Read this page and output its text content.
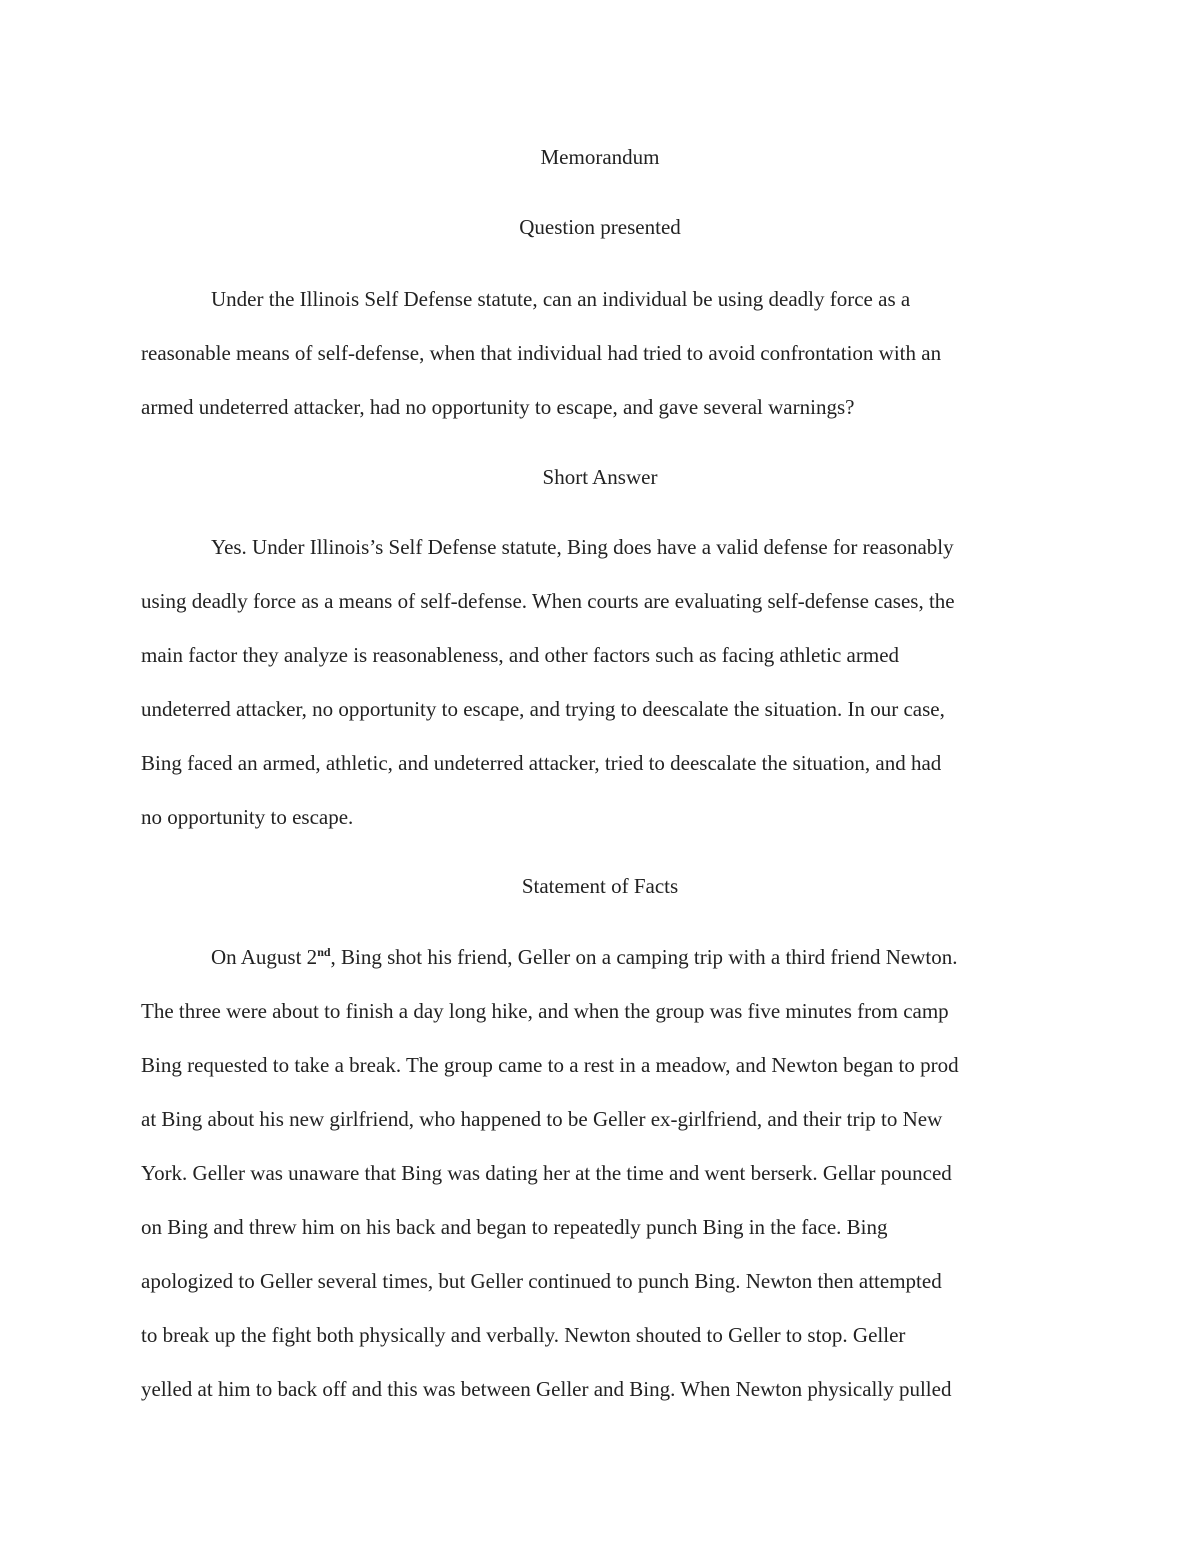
Memorandum
Question presented

Under the Illinois Self Defense statute, can an individual be using deadly force as a

reasonable means of self-defense, when that individual had tried to avoid confrontation with an

armed undeterred attacker, had no opportunity to escape, and gave several warnings?

Short Answer

Yes. Under Illinois’s Self Defense statute, Bing does have a valid defense for reasonably

using deadly force as a means of self-defense. When courts are evaluating self-defense cases, the

main factor they analyze is reasonableness, and other factors such as facing athletic armed

undeterred attacker, no opportunity to escape, and trying to deescalate the situation. In our case,

Bing faced an armed, athletic, and undeterred attacker, tried to deescalate the situation, and had

no opportunity to escape.

Statement of Facts

On August 2nd, Bing shot his friend, Geller on a camping trip with a third friend Newton.

The three were about to finish a day long hike, and when the group was five minutes from camp

Bing requested to take a break. The group came to a rest in a meadow, and Newton began to prod

at Bing about his new girlfriend, who happened to be Geller ex-girlfriend, and their trip to New

York. Geller was unaware that Bing was dating her at the time and went berserk. Gellar pounced

on Bing and threw him on his back and began to repeatedly punch Bing in the face. Bing

apologized to Geller several times, but Geller continued to punch Bing. Newton then attempted

to break up the fight both physically and verbally. Newton shouted to Geller to stop. Geller

yelled at him to back off and this was between Geller and Bing. When Newton physically pulled
